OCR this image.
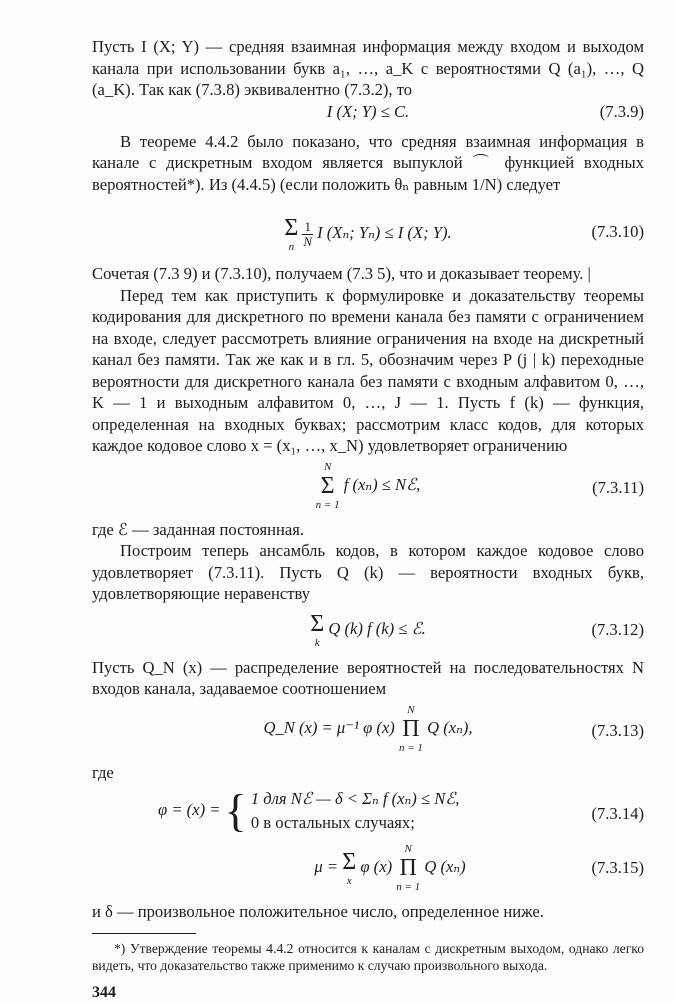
Пусть I (X; Y) — средняя взаимная информация между входом и выходом канала при использовании букв a₁, …, a_K с вероятностями Q (a₁), …, Q (a_K). Так как (7.3.8) эквивалентно (7.3.2), то

I (X; Y) ≤ C.	(7.3.9)

В теореме 4.4.2 было показано, что средняя взаимная информация в канале с дискретным входом является выпуклой ⌒ функцией входных вероятностей*). Из (4.4.5) (если положить θₙ равным 1/N) следует

Σ
n
$\frac{1}{N}$ I (Xₙ; Yₙ) ≤ I (X; Y).	(7.3.10)

Сочетая (7.3 9) и (7.3.10), получаем (7.3 5), что и доказывает теорему. |

Перед тем как приступить к формулировке и доказательству теоремы кодирования для дискретного по времени канала без памяти с ограничением на входе, следует рассмотреть влияние ограничения на входе на дискретный канал без памяти. Так же как и в гл. 5, обозначим через P (j | k) переходные вероятности для дискретного канала без памяти с входным алфавитом 0, …, K — 1 и выходным алфавитом 0, …, J — 1. Пусть f (k) — функция, определенная на входных буквах; рассмотрим класс кодов, для которых каждое кодовое слово x = (x₁, …, x_N) удовлетворяет ограничению

N
Σ
n = 1
f (xₙ) ≤ Nℰ,	(7.3.11)

где ℰ — заданная постоянная.

Построим теперь ансамбль кодов, в котором каждое кодовое слово удовлетворяет (7.3.11). Пусть Q (k) — вероятности входных букв, удовлетворяющие неравенству

Σ
k
Q (k) f (k) ≤ ℰ.	(7.3.12)

Пусть Q_N (x) — распределение вероятностей на последовательностях N входов канала, задаваемое соотношением

Q_N (x) = μ⁻¹ φ (x)
N
Π
n = 1
Q (xₙ),	(7.3.13)

где

φ = (x) = { 1 для Nℰ — δ < Σₙ f (xₙ) ≤ Nℰ,
0 в остальных случаях;	(7.3.14)
μ = Σ
x
φ (x)
N
Π
n = 1
Q (xₙ)	(7.3.15)

и δ — произвольное положительное число, определенное ниже.

*) Утверждение теоремы 4.4.2 относится к каналам с дискретным выходом, однако легко видеть, что доказательство также применимо к случаю произвольного выхода.

344
